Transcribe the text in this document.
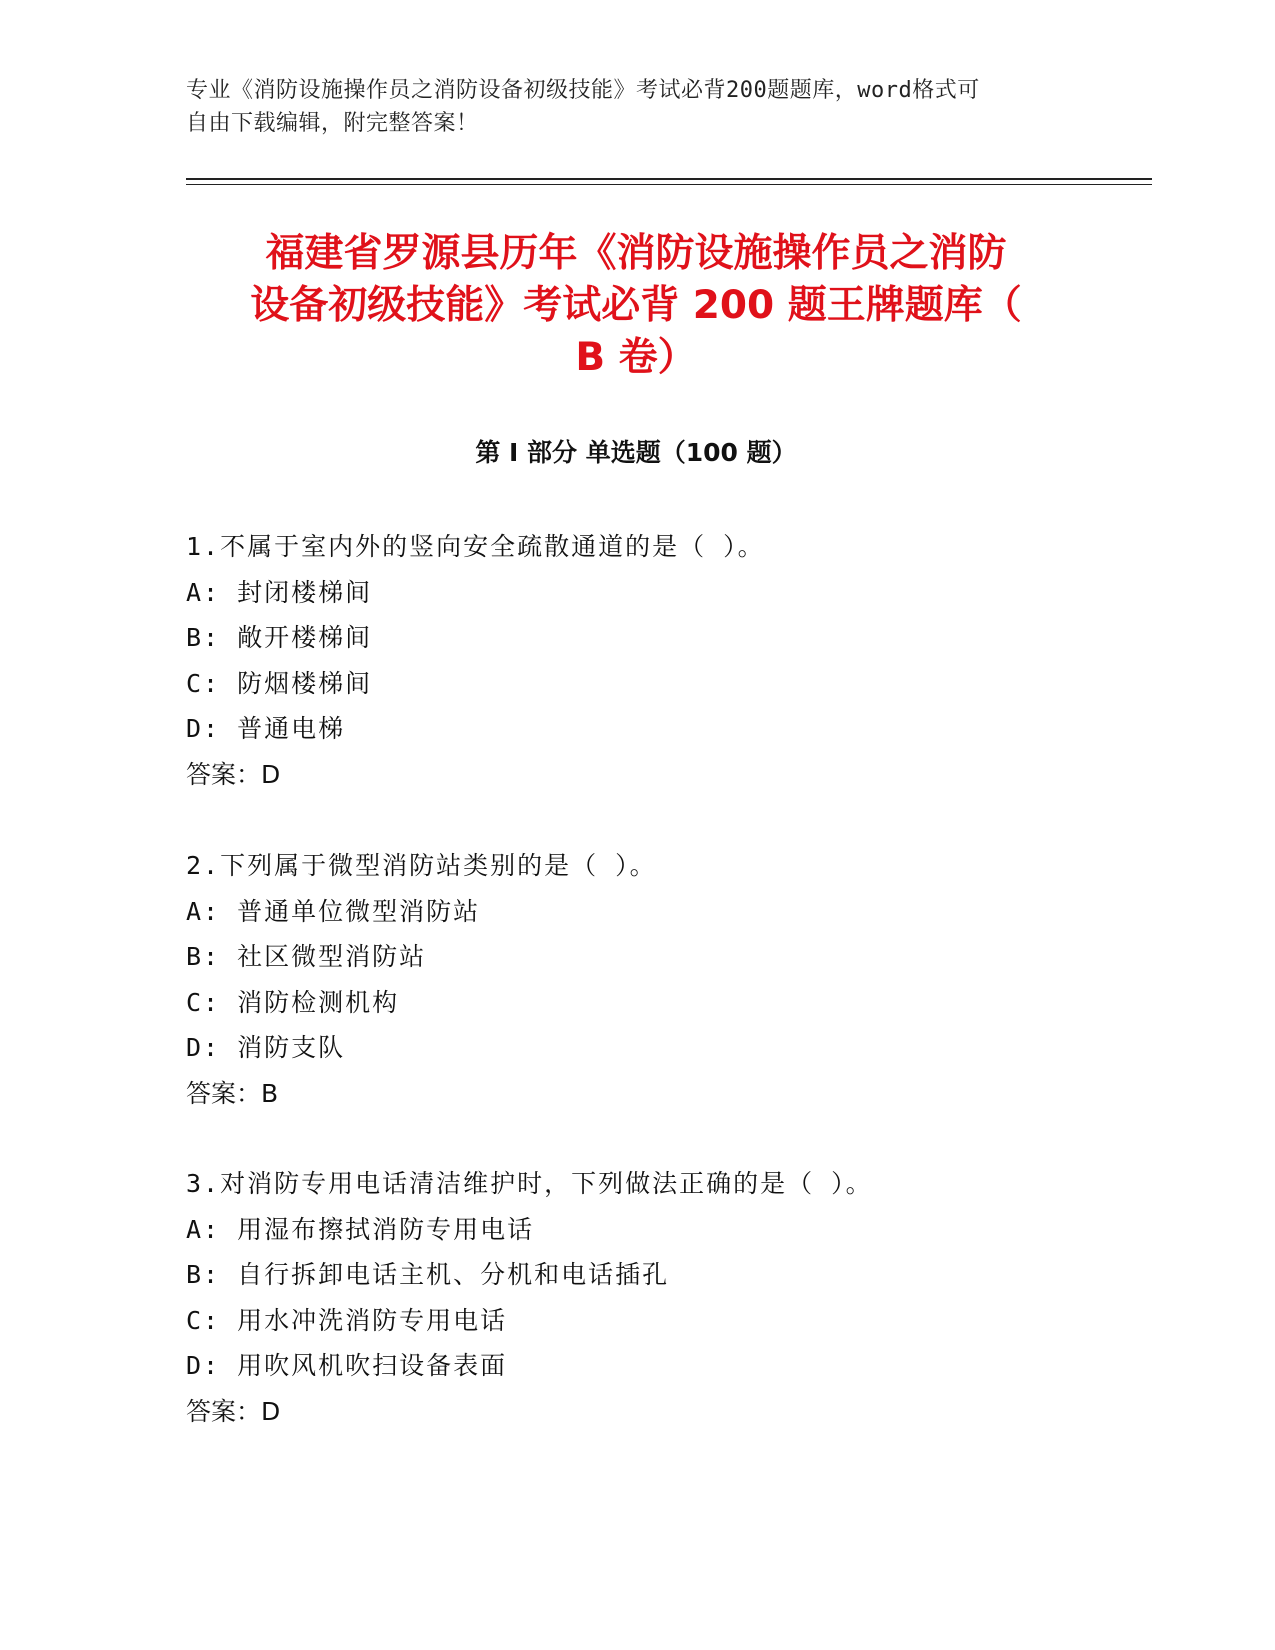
专业《消防设施操作员之消防设备初级技能》考试必背200题题库，word格式可
自由下载编辑，附完整答案！
福建省罗源县历年《消防设施操作员之消防
设备初级技能》考试必背 200 题王牌题库（
B 卷）
第 I 部分 单选题（100 题）
1.不属于室内外的竖向安全疏散通道的是（ ）。
A: 封闭楼梯间
B: 敞开楼梯间
C: 防烟楼梯间
D: 普通电梯
答案：D
2.下列属于微型消防站类别的是（ ）。
A: 普通单位微型消防站
B: 社区微型消防站
C: 消防检测机构
D: 消防支队
答案：B
3.对消防专用电话清洁维护时，下列做法正确的是（ ）。
A: 用湿布擦拭消防专用电话
B: 自行拆卸电话主机、分机和电话插孔
C: 用水冲洗消防专用电话
D: 用吹风机吹扫设备表面
答案：D
